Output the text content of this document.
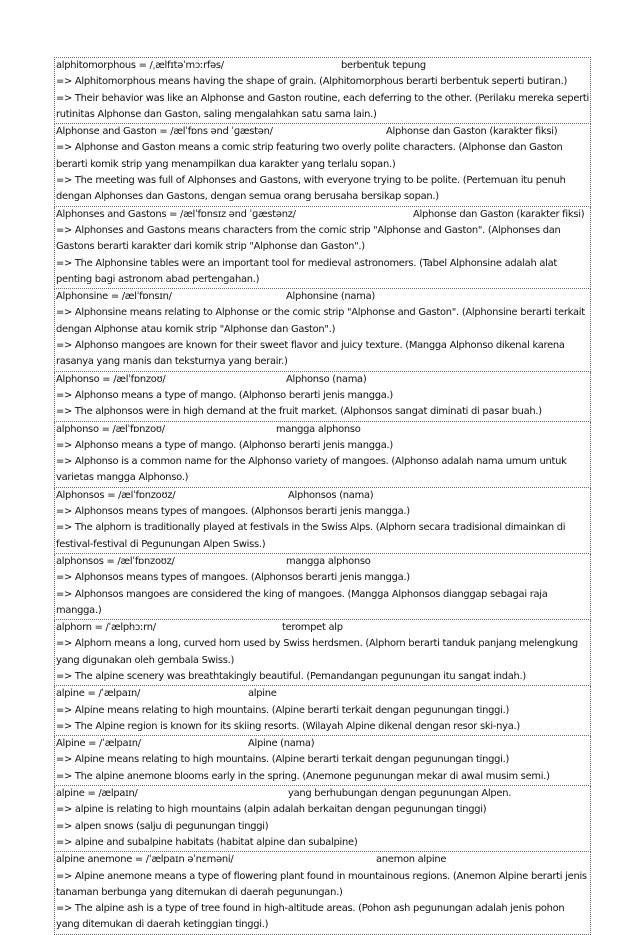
alphitomorphous = /ˌælfɪtəˈmɔːrfəs/	berbentuk tepung
=> Alphitomorphous means having the shape of grain. (Alphitomorphous berarti berbentuk seperti butiran.)
=> Their behavior was like an Alphonse and Gaston routine, each deferring to the other. (Perilaku mereka seperti rutinitas Alphonse dan Gaston, saling mengalahkan satu sama lain.)
Alphonse and Gaston = /ælˈfɒns ənd ˈɡæstən/	Alphonse dan Gaston (karakter fiksi)
=> Alphonse and Gaston means a comic strip featuring two overly polite characters. (Alphonse dan Gaston berarti komik strip yang menampilkan dua karakter yang terlalu sopan.)
=> The meeting was full of Alphonses and Gastons, with everyone trying to be polite. (Pertemuan itu penuh dengan Alphonses dan Gastons, dengan semua orang berusaha bersikap sopan.)
Alphonses and Gastons = /ælˈfɒnsɪz ənd ˈɡæstənz/	Alphonse dan Gaston (karakter fiksi)
=> Alphonses and Gastons means characters from the comic strip "Alphonse and Gaston". (Alphonses dan Gastons berarti karakter dari komik strip "Alphonse dan Gaston".)
=> The Alphonsine tables were an important tool for medieval astronomers. (Tabel Alphonsine adalah alat penting bagi astronom abad pertengahan.)
Alphonsine = /ælˈfɒnsɪn/	Alphonsine (nama)
=> Alphonsine means relating to Alphonse or the comic strip "Alphonse and Gaston". (Alphonsine berarti terkait dengan Alphonse atau komik strip "Alphonse dan Gaston".)
=> Alphonso mangoes are known for their sweet flavor and juicy texture. (Mangga Alphonso dikenal karena rasanya yang manis dan teksturnya yang berair.)
Alphonso = /ælˈfɒnzoʊ/	Alphonso (nama)
=> Alphonso means a type of mango. (Alphonso berarti jenis mangga.)
=> The alphonsos were in high demand at the fruit market. (Alphonsos sangat diminati di pasar buah.)
alphonso = /ælˈfɒnzoʊ/	mangga alphonso
=> Alphonso means a type of mango. (Alphonso berarti jenis mangga.)
=> Alphonso is a common name for the Alphonso variety of mangoes. (Alphonso adalah nama umum untuk varietas mangga Alphonso.)
Alphonsos = /ælˈfɒnzoʊz/	Alphonsos (nama)
=> Alphonsos means types of mangoes. (Alphonsos berarti jenis mangga.)
=> The alphorn is traditionally played at festivals in the Swiss Alps. (Alphorn secara tradisional dimainkan di festival-festival di Pegunungan Alpen Swiss.)
alphonsos = /ælˈfɒnzoʊz/	mangga alphonso
=> Alphonsos means types of mangoes. (Alphonsos berarti jenis mangga.)
=> Alphonsos mangoes are considered the king of mangoes. (Mangga Alphonsos dianggap sebagai raja mangga.)
alphorn = /ˈælphɔːrn/	terompet alp
=> Alphorn means a long, curved horn used by Swiss herdsmen. (Alphorn berarti tanduk panjang melengkung yang digunakan oleh gembala Swiss.)
=> The alpine scenery was breathtakingly beautiful. (Pemandangan pegunungan itu sangat indah.)
alpine = /ˈælpaɪn/	alpine
=> Alpine means relating to high mountains. (Alpine berarti terkait dengan pegunungan tinggi.)
=> The Alpine region is known for its skiing resorts. (Wilayah Alpine dikenal dengan resor ski-nya.)
Alpine = /ˈælpaɪn/	Alpine (nama)
=> Alpine means relating to high mountains. (Alpine berarti terkait dengan pegunungan tinggi.)
=> The alpine anemone blooms early in the spring. (Anemone pegunungan mekar di awal musim semi.)
alpine = /ælpaɪn/	yang berhubungan dengan pegunungan Alpen.
=> alpine is relating to high mountains (alpin adalah berkaitan dengan pegunungan tinggi)
=> alpen snows (salju di pegunungan tinggi)
=> alpine and subalpine habitats (habitat alpine dan subalpine)
alpine anemone = /ˈælpaɪn əˈnɛməni/	anemon alpine
=> Alpine anemone means a type of flowering plant found in mountainous regions. (Anemon Alpine berarti jenis tanaman berbunga yang ditemukan di daerah pegunungan.)
=> The alpine ash is a type of tree found in high-altitude areas. (Pohon ash pegunungan adalah jenis pohon yang ditemukan di daerah ketinggian tinggi.)
